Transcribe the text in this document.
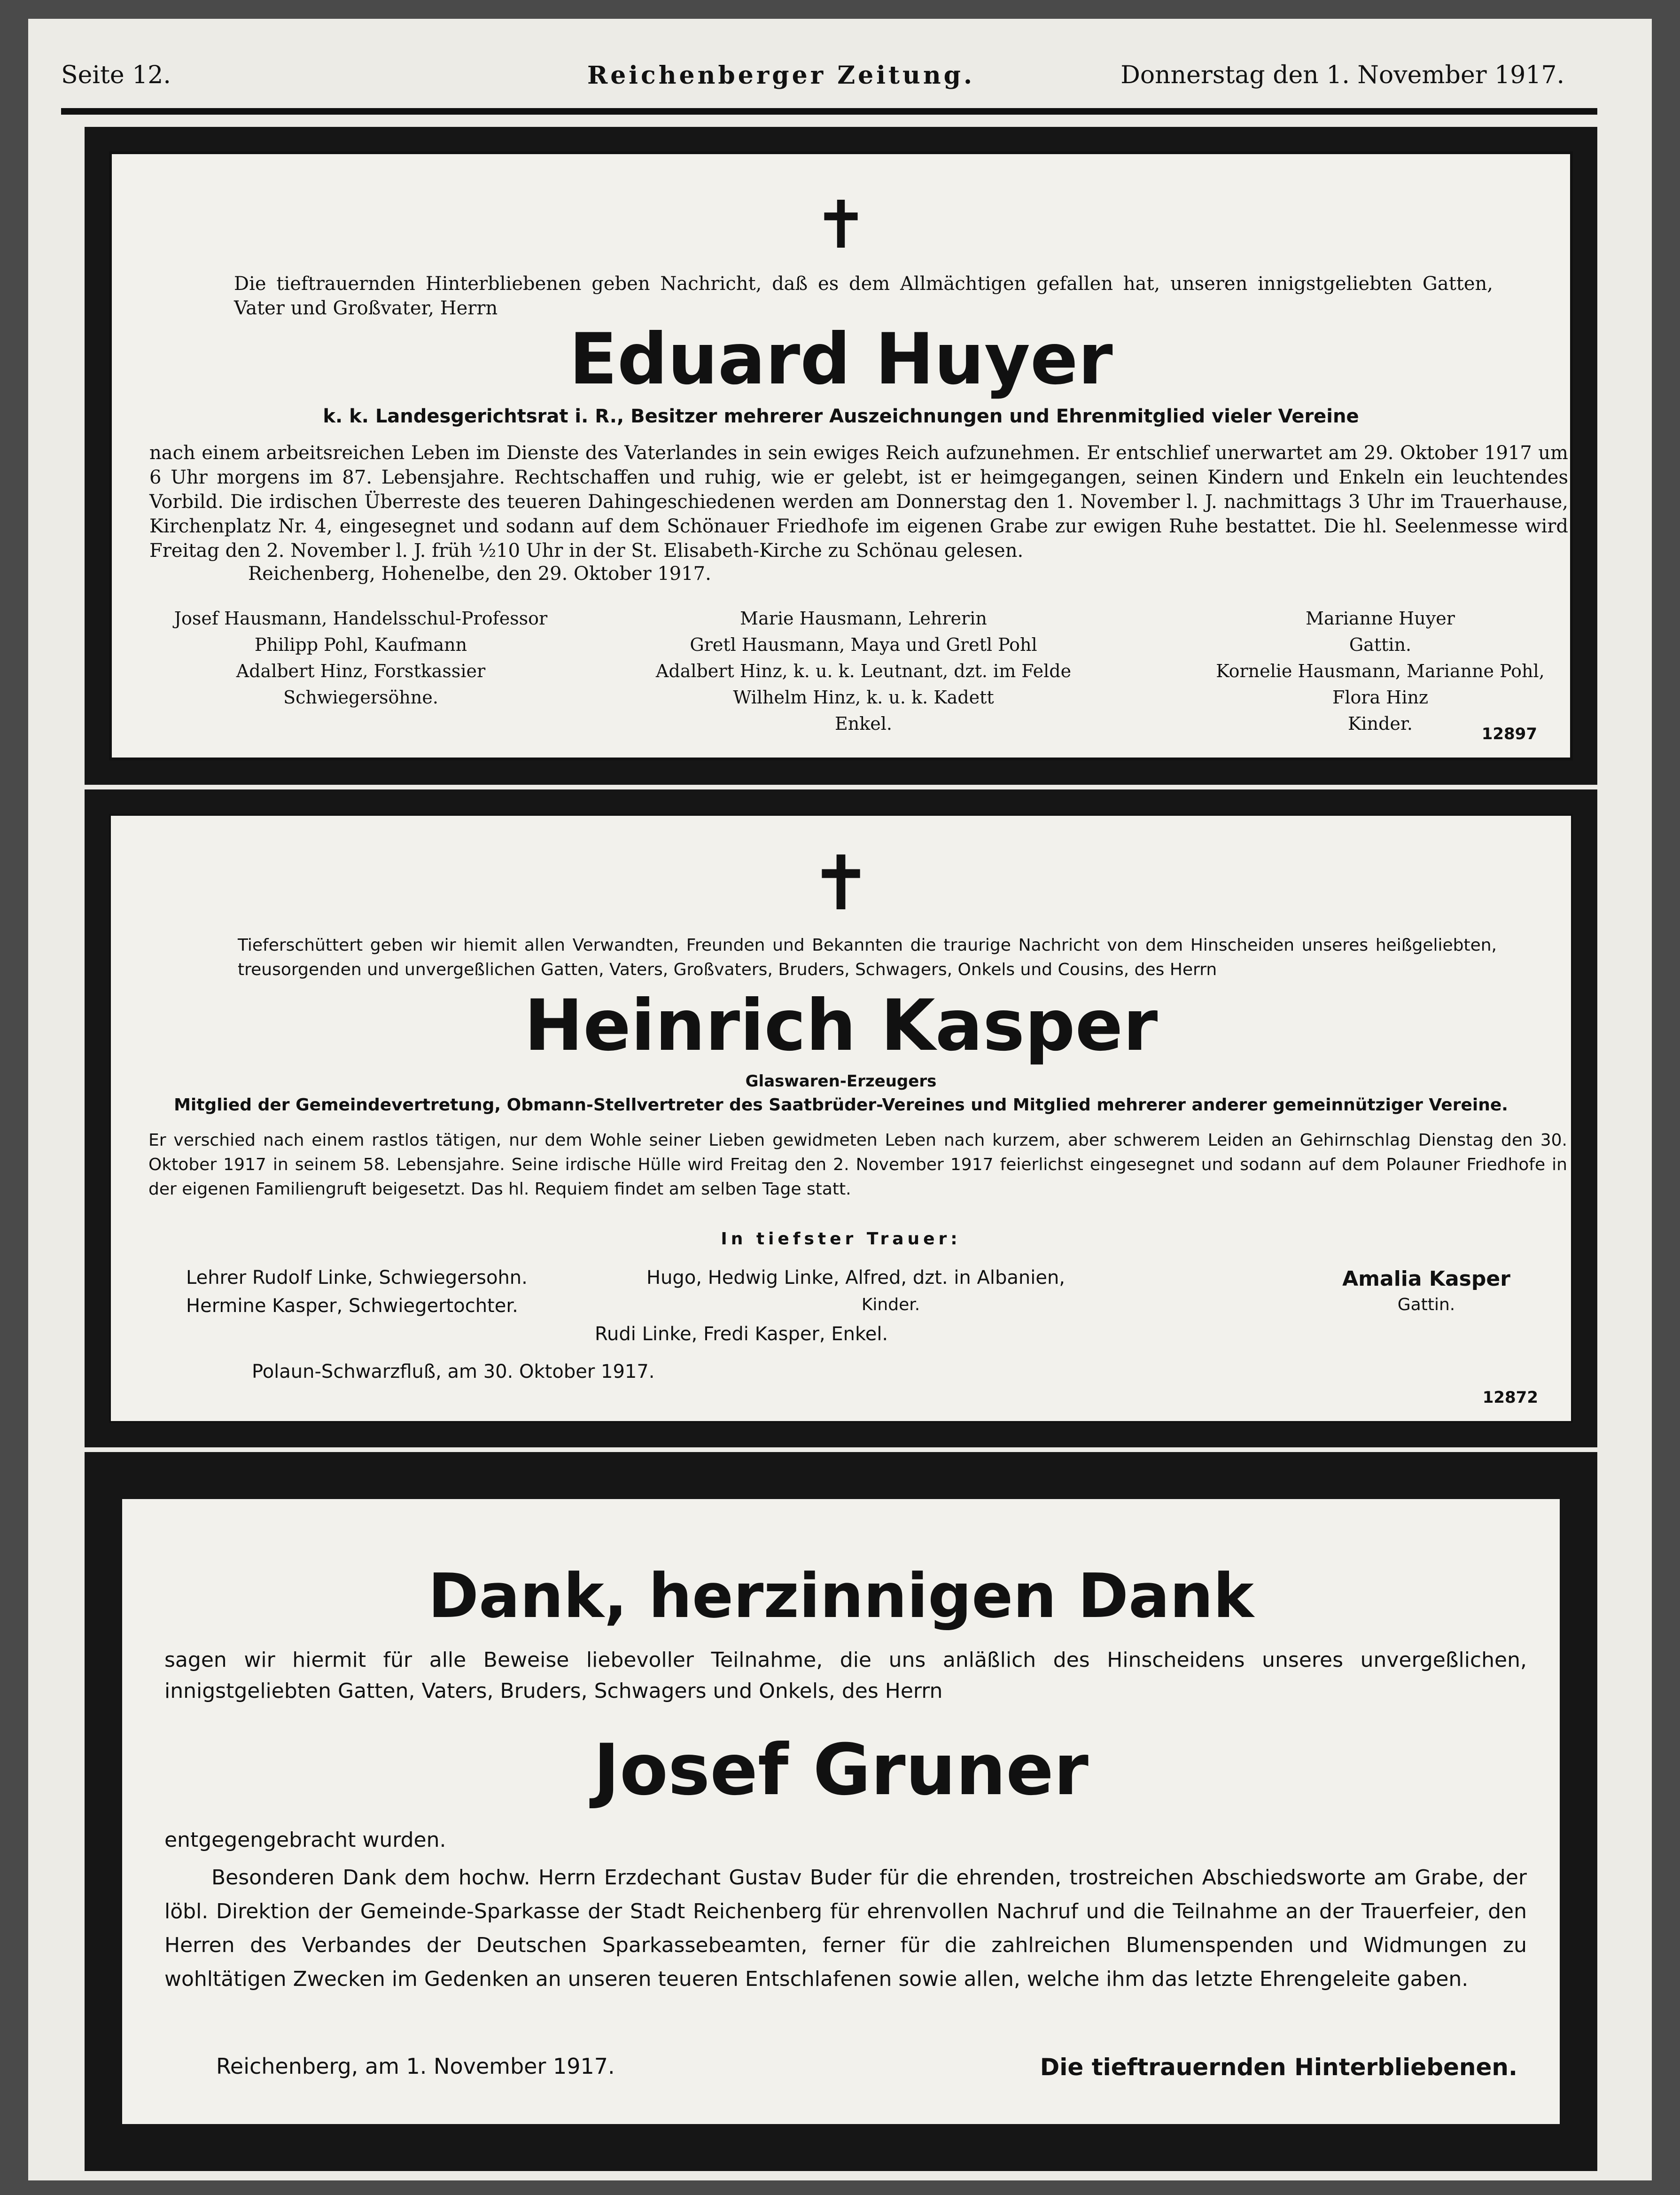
Seite 12.	Reichenberger Zeitung.	Donnerstag den 1. November 1917.
✝
Die tieftrauernden Hinterbliebenen geben Nachricht, daß es dem Allmächtigen gefallen hat, unseren innigstgeliebten Gatten, Vater und Großvater, Herrn
Eduard Huyer
k. k. Landesgerichtsrat i. R., Besitzer mehrerer Auszeichnungen und Ehrenmitglied vieler Vereine
nach einem arbeitsreichen Leben im Dienste des Vaterlandes in sein ewiges Reich aufzunehmen. Er entschlief unerwartet am 29. Oktober 1917 um 6 Uhr morgens im 87. Lebensjahre. Rechtschaffen und ruhig, wie er gelebt, ist er heimgegangen, seinen Kindern und Enkeln ein leuchtendes Vorbild. Die irdischen Überreste des teueren Dahingeschiedenen werden am Donnerstag den 1. November l. J. nachmittags 3 Uhr im Trauerhause, Kirchenplatz Nr. 4, eingesegnet und sodann auf dem Schönauer Friedhofe im eigenen Grabe zur ewigen Ruhe bestattet. Die hl. Seelenmesse wird Freitag den 2. November l. J. früh ½10 Uhr in der St. Elisabeth-Kirche zu Schönau gelesen.
Reichenberg, Hohenelbe, den 29. Oktober 1917.
Josef Hausmann, Handelsschul-Professor
Philipp Pohl, Kaufmann
Adalbert Hinz, Forstkassier
Schwiegersöhne.
Marie Hausmann, Lehrerin
Gretl Hausmann, Maya und Gretl Pohl
Adalbert Hinz, k. u. k. Leutnant, dzt. im Felde
Wilhelm Hinz, k. u. k. Kadett
Enkel.
Marianne Huyer
Gattin.
Kornelie Hausmann, Marianne Pohl,
Flora Hinz
Kinder.	12897
✝
Tieferschüttert geben wir hiemit allen Verwandten, Freunden und Bekannten die traurige Nachricht von dem Hinscheiden unseres heißgeliebten, treusorgenden und unvergeßlichen Gatten, Vaters, Großvaters, Bruders, Schwagers, Onkels und Cousins, des Herrn
Heinrich Kasper
Glaswaren-Erzeugers
Mitglied der Gemeindevertretung, Obmann-Stellvertreter des Saatbrüder-Vereines und Mitglied mehrerer anderer gemeinnütziger Vereine.
Er verschied nach einem rastlos tätigen, nur dem Wohle seiner Lieben gewidmeten Leben nach kurzem, aber schwerem Leiden an Gehirnschlag Dienstag den 30. Oktober 1917 in seinem 58. Lebensjahre. Seine irdische Hülle wird Freitag den 2. November 1917 feierlichst eingesegnet und sodann auf dem Polauner Friedhofe in der eigenen Familiengruft beigesetzt. Das hl. Requiem findet am selben Tage statt.
In tiefster Trauer:
Lehrer Rudolf Linke, Schwiegersohn.
Hermine Kasper, Schwiegertochter.
Hugo, Hedwig Linke, Alfred, dzt. in Albanien,
Kinder.
Rudi Linke, Fredi Kasper, Enkel.
Amalia Kasper
Gattin.
Polaun-Schwarzfluß, am 30. Oktober 1917.
12872
Dank, herzinnigen Dank
sagen wir hiermit für alle Beweise liebevoller Teilnahme, die uns anläßlich des Hinscheidens unseres unvergeßlichen, innigstgeliebten Gatten, Vaters, Bruders, Schwagers und Onkels, des Herrn
Josef Gruner
entgegengebracht wurden.
Besonderen Dank dem hochw. Herrn Erzdechant Gustav Buder für die ehrenden, trostreichen Abschiedsworte am Grabe, der löbl. Direktion der Gemeinde-Sparkasse der Stadt Reichenberg für ehrenvollen Nachruf und die Teilnahme an der Trauerfeier, den Herren des Verbandes der Deutschen Sparkassebeamten, ferner für die zahlreichen Blumenspenden und Widmungen zu wohltätigen Zwecken im Gedenken an unseren teueren Entschlafenen sowie allen, welche ihm das letzte Ehrengeleite gaben.
Reichenberg, am 1. November 1917.	Die tieftrauernden Hinterbliebenen.
